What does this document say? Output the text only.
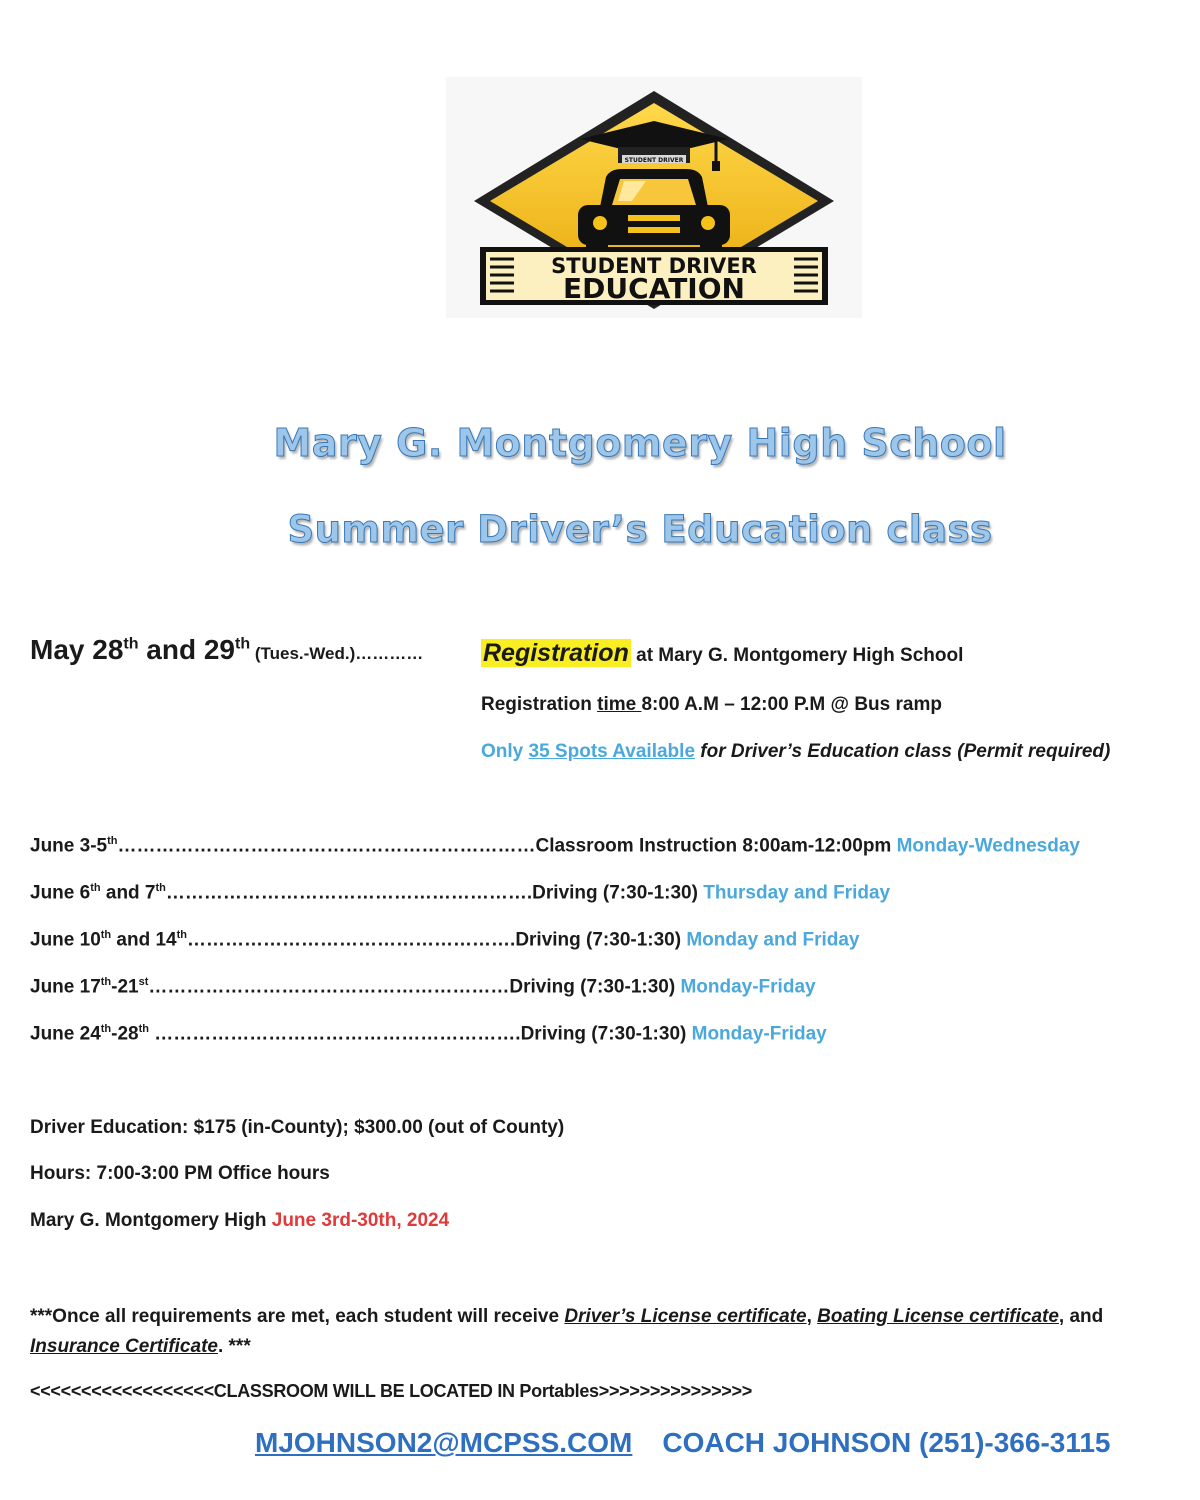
STUDENT DRIVER
STUDENT DRIVER
EDUCATION
Mary G. Montgomery High School
Summer Driver’s Education class
May 28th and 29th (Tues.-Wed.)………… Registration at Mary G. Montgomery High School
Registration time 8:00 A.M – 12:00 P.M @ Bus ramp
Only 35 Spots Available for Driver’s Education class (Permit required)
June 3-5th…………………………………………………………Classroom Instruction 8:00am-12:00pm Monday-Wednesday
June 6th and 7th………………………………………………….Driving (7:30-1:30) Thursday and Friday
June 10th and 14th…………………………………………….Driving (7:30-1:30) Monday and Friday
June 17th-21st…………………………………………………Driving (7:30-1:30) Monday-Friday
June 24th-28th ………………………………………………….Driving (7:30-1:30) Monday-Friday
Driver Education: $175 (in-County); $300.00 (out of County)
Hours: 7:00-3:00 PM Office hours
Mary G. Montgomery High June 3rd-30th, 2024
***Once all requirements are met, each student will receive Driver’s License certificate, Boating License certificate, and Insurance Certificate. ***
<<<<<<<<<<<<<<<<<<CLASSROOM WILL BE LOCATED IN Portables>>>>>>>>>>>>>>>
MJOHNSON2@MCPSS.COM COACH JOHNSON (251)-366-3115
